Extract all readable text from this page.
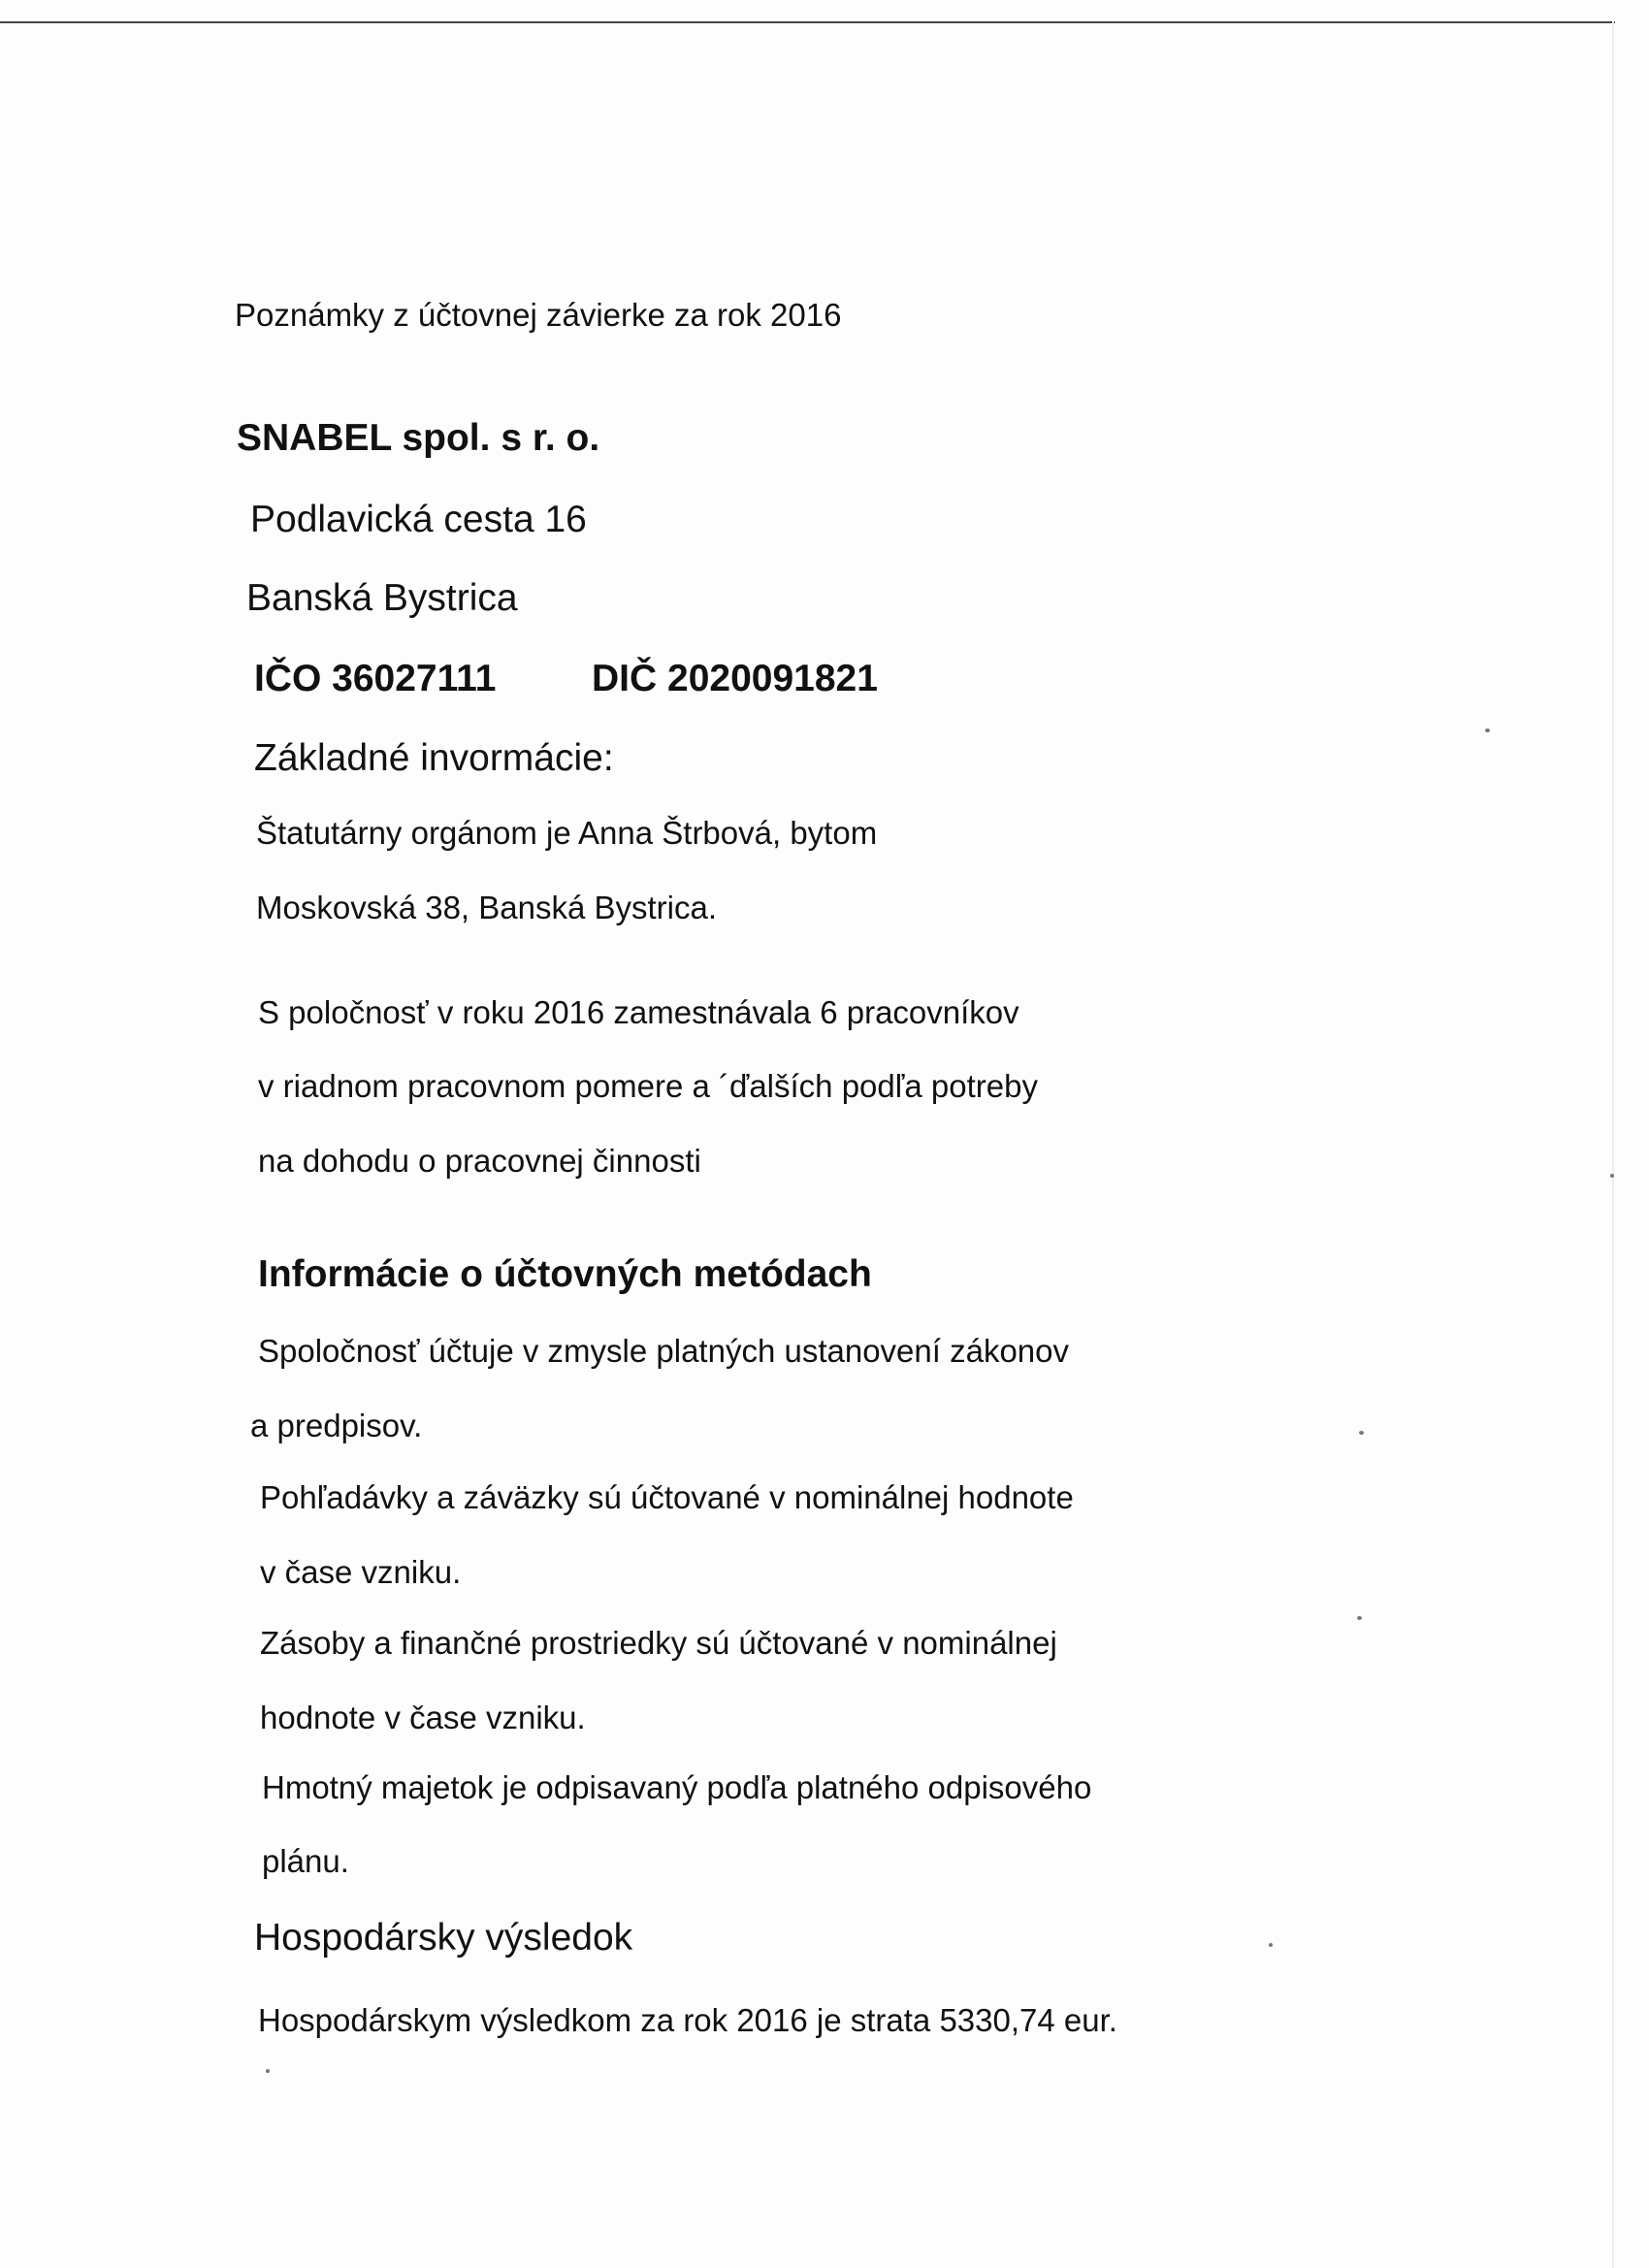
Poznámky z účtovnej závierke za rok 2016
SNABEL spol. s r. o.
Podlavická cesta 16
Banská Bystrica
IČO 36027111	DIČ 2020091821
Základné invormácie:
Štatutárny orgánom je Anna Štrbová, bytom
Moskovská 38, Banská Bystrica.
S poločnosť v roku 2016 zamestnávala 6 pracovníkov
v riadnom pracovnom pomere a ´ďalších podľa potreby
na dohodu o pracovnej činnosti
Informácie o účtovných metódach
Spoločnosť účtuje v zmysle platných ustanovení zákonov
a predpisov.
Pohľadávky a záväzky sú účtované v nominálnej hodnote
v čase vzniku.
Zásoby a finančné prostriedky sú účtované v nominálnej
hodnote v čase vzniku.
Hmotný majetok je odpisavaný podľa platného odpisového
plánu.
Hospodársky výsledok
Hospodárskym výsledkom za rok 2016 je strata 5330,74 eur.
